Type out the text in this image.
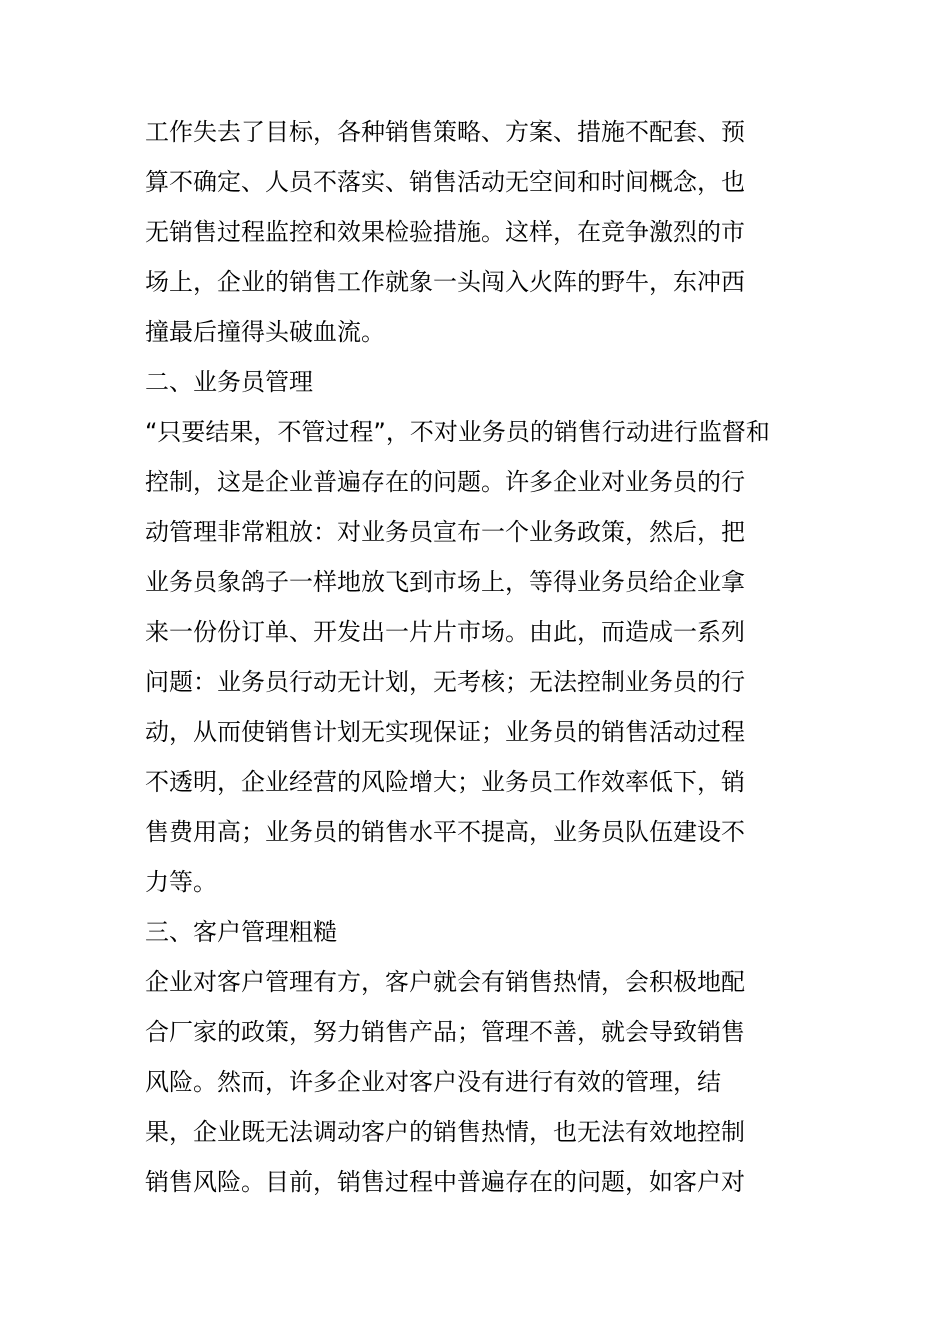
工作失去了目标，各种销售策略、方案、措施不配套、预
算不确定、人员不落实、销售活动无空间和时间概念，也
无销售过程监控和效果检验措施。这样，在竞争激烈的市
场上，企业的销售工作就象一头闯入火阵的野牛，东冲西
撞最后撞得头破血流。
二、业务员管理
“只要结果，不管过程”，不对业务员的销售行动进行监督和
控制，这是企业普遍存在的问题。许多企业对业务员的行
动管理非常粗放：对业务员宣布一个业务政策，然后，把
业务员象鸽子一样地放飞到市场上，等得业务员给企业拿
来一份份订单、开发出一片片市场。由此，而造成一系列
问题：业务员行动无计划，无考核；无法控制业务员的行
动，从而使销售计划无实现保证；业务员的销售活动过程
不透明，企业经营的风险增大；业务员工作效率低下，销
售费用高；业务员的销售水平不提高，业务员队伍建设不
力等。
三、客户管理粗糙
企业对客户管理有方，客户就会有销售热情，会积极地配
合厂家的政策，努力销售产品；管理不善，就会导致销售
风险。然而，许多企业对客户没有进行有效的管理，结
果，企业既无法调动客户的销售热情，也无法有效地控制
销售风险。目前，销售过程中普遍存在的问题，如客户对
